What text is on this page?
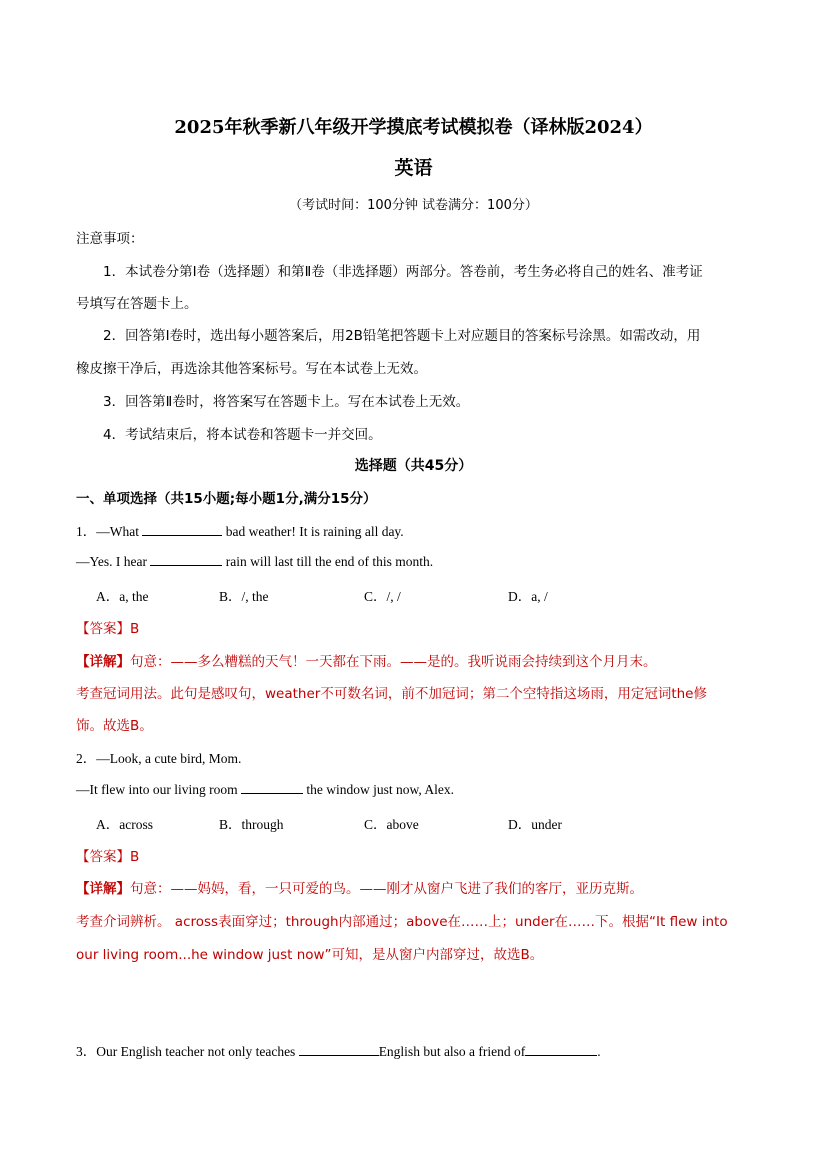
2025年秋季新八年级开学摸底考试模拟卷（译林版2024）
英语
（考试时间：100分钟 试卷满分：100分）
注意事项：
1．本试卷分第Ⅰ卷（选择题）和第Ⅱ卷（非选择题）两部分。答卷前，考生务必将自己的姓名、准考证
号填写在答题卡上。
2．回答第Ⅰ卷时，选出每小题答案后，用2B铅笔把答题卡上对应题目的答案标号涂黑。如需改动，用
橡皮擦干净后，再选涂其他答案标号。写在本试卷上无效。
3．回答第Ⅱ卷时，将答案写在答题卡上。写在本试卷上无效。
4．考试结束后，将本试卷和答题卡一并交回。
选择题（共45分）
一、单项选择（共15小题;每小题1分,满分15分）
1．—What	bad weather! It is raining all day.
—Yes. I hear	rain will last till the end of this month.
A．a, the	B．/, the	C．/, /	D．a, /
【答案】B
【详解】句意：——多么糟糕的天气！一天都在下雨。——是的。我听说雨会持续到这个月月末。
考查冠词用法。此句是感叹句，weather不可数名词，前不加冠词；第二个空特指这场雨，用定冠词the修
饰。故选B。
2．—Look, a cute bird, Mom.
—It flew into our living room	the window just now, Alex.
A．across	B．through	C．above	D．under
【答案】B
【详解】句意：——妈妈，看，一只可爱的鸟。——刚才从窗户飞进了我们的客厅，亚历克斯。
考查介词辨析。 across表面穿过；through内部通过；above在……上；under在……下。根据“It flew into
our living room...he window just now”可知，是从窗户内部穿过，故选B。
3．Our English teacher not only teaches	English but also a friend of	.
